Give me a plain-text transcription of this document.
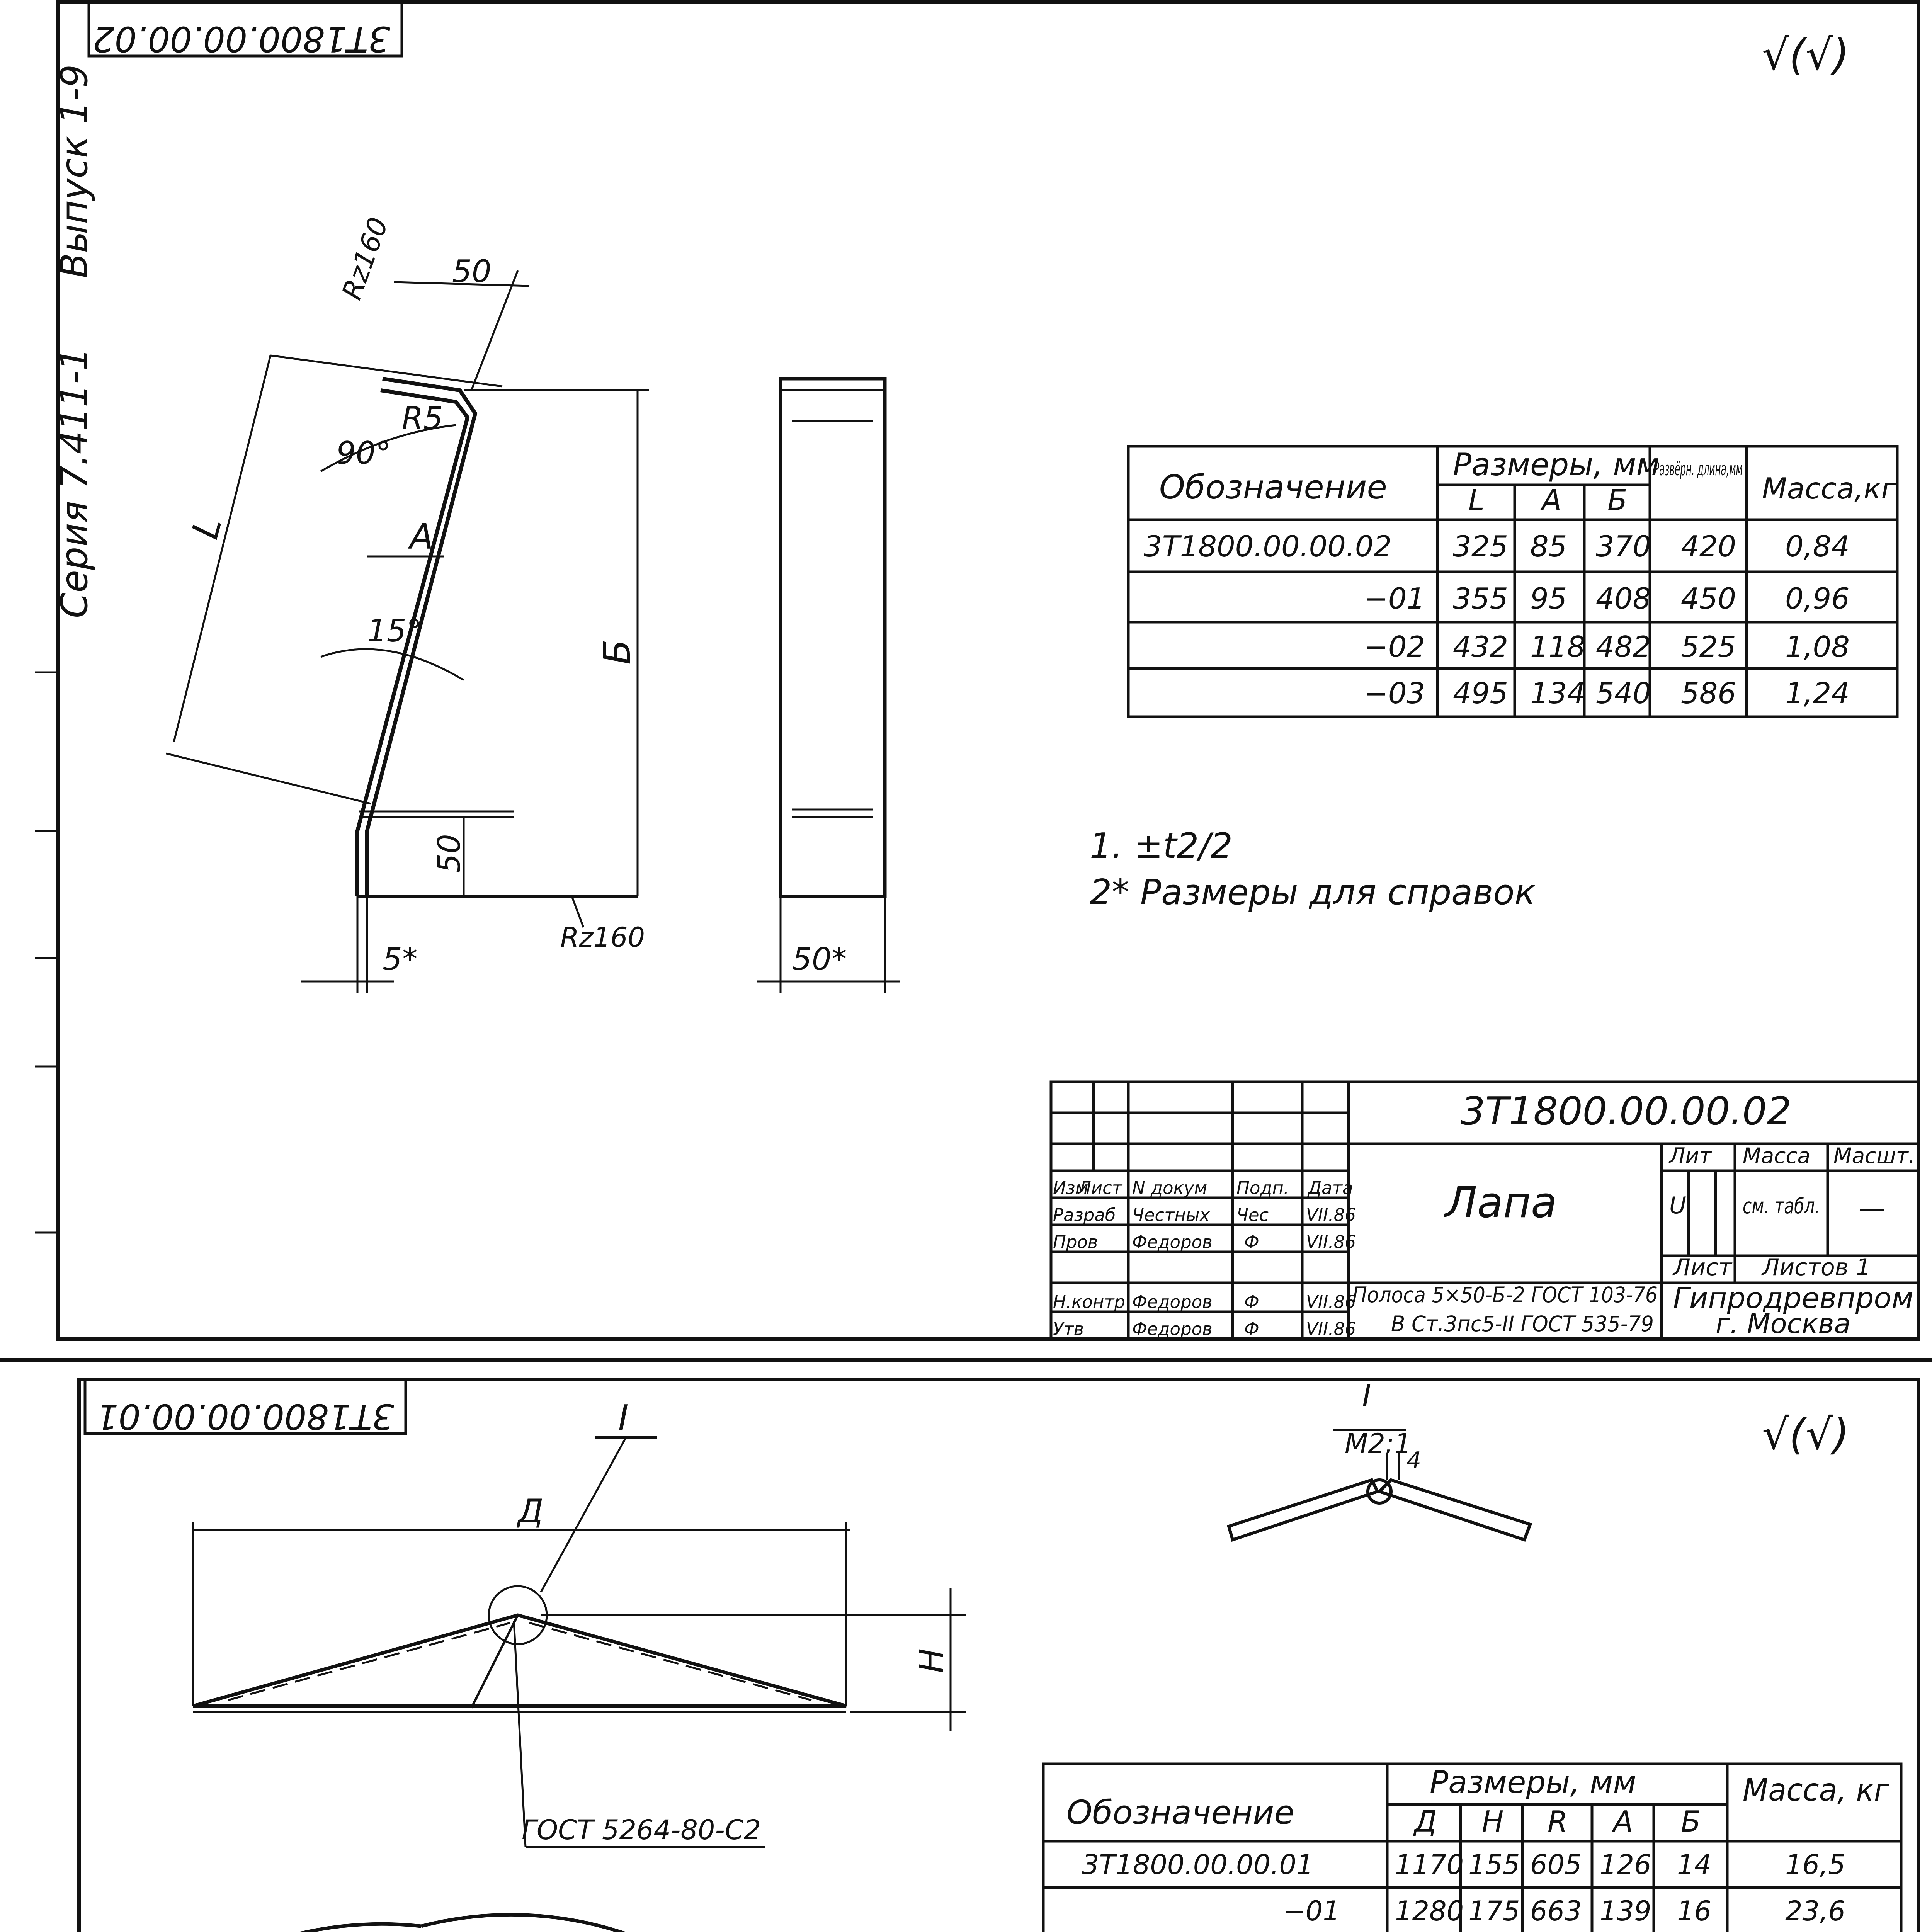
Серия 7.411-1
Выпуск 1-9
3Т1800.00.00.02	√(√)
Rz160 50
R5
90°
L	A
15°
Б
50
5*
Rz160
50*
Обозначение
Размеры, мм
Развёрн. длина,мм
Масса,кг
L A Б
3Т1800.00.00.02 325 85 370 420 0,84
−01 355 95 408 450 0,96
−02 432 118 482 525 1,08
−03 495 134 540 586 1,24
1. ±t2/2
2* Размеры для справок
3Т1800.00.00.02
Лапа
Лит Масса Масшт.
U	см. табл. —
Лист Листов 1
Гипродревпром
г. Москва
Полоса 5×50-Б-2 ГОСТ 103-76
В Ст.3пс5-II ГОСТ 535-79
Изм
Лист N докум Подп. Дата
Разраб Честных Чес VII.86
Пров Федоров Ф	VII.86
Н.контр Федоров Ф	VII.86
Утв	Федоров Ф	VII.86
3Т1800.00.00.01	√(√)
I
Д
Н
ГОСТ 5264-80-С2
I
М2:1
4
Обозначение
Размеры, мм	Масса, кг
Д Н R А Б
3Т1800.00.00.01	1170 155 605 126 14	16,5
−01 1280 175 663 139 16	23,6
